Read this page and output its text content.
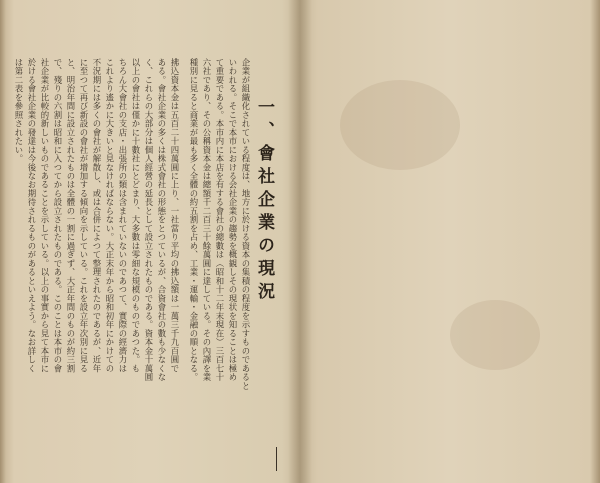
企業が組織化されている程度は、地方に於ける資本の集積の程度を示すものであると
いわれる。そこで本市における会社企業の趨勢を概観しその現状を知ることは極め
て重要である。本市内に本店を有する會社の總數は（昭和十二年末現在）三百七十
六社であり、その公稱資本金は總額千二百三十餘萬圓に達している。その內譯を業
種別に見ると商業が最も多く全體の約五割を占め、工業・運輸・金融の順となる。
拂込資本金は五百二十四萬圓に上り、一社當り平均の拂込額は一萬三千九百圓で
ある。會社企業の多くは株式會社の形態をとつているが、合資會社の數も少なくな
く、これらの大部分は個人經營の延長として設立されたものである。資本金十萬圓
以上の會社は僅かに十數社にとどまり、大多數は零細な規模のものであつた。も
ちろん大會社の支店・出張所の類は含まれていないのであつて、實際の經濟力は
これより遙かに大きいと見なければならない。大正末年から昭和初年にかけての
不況期には多くの會社が解散し、或は合併によつて整理されたのであるが、近年
に至つて再び新設の會社が增加する傾向を示している。これを設立年次別に見る
と、明治年間に設立されたものは全體の一割に過ぎず、大正年間のものが約三割
で、殘りの六割は昭和に入つてから設立されたものである。このことは本市の會
社企業が比較的新しいものであることを示している。以上の事實から見て本市に
於ける會社企業の發達は今後なお期待されるものがあるといえよう。なお詳しく
は第二表を參照されたい。	一、會社企業の現況
